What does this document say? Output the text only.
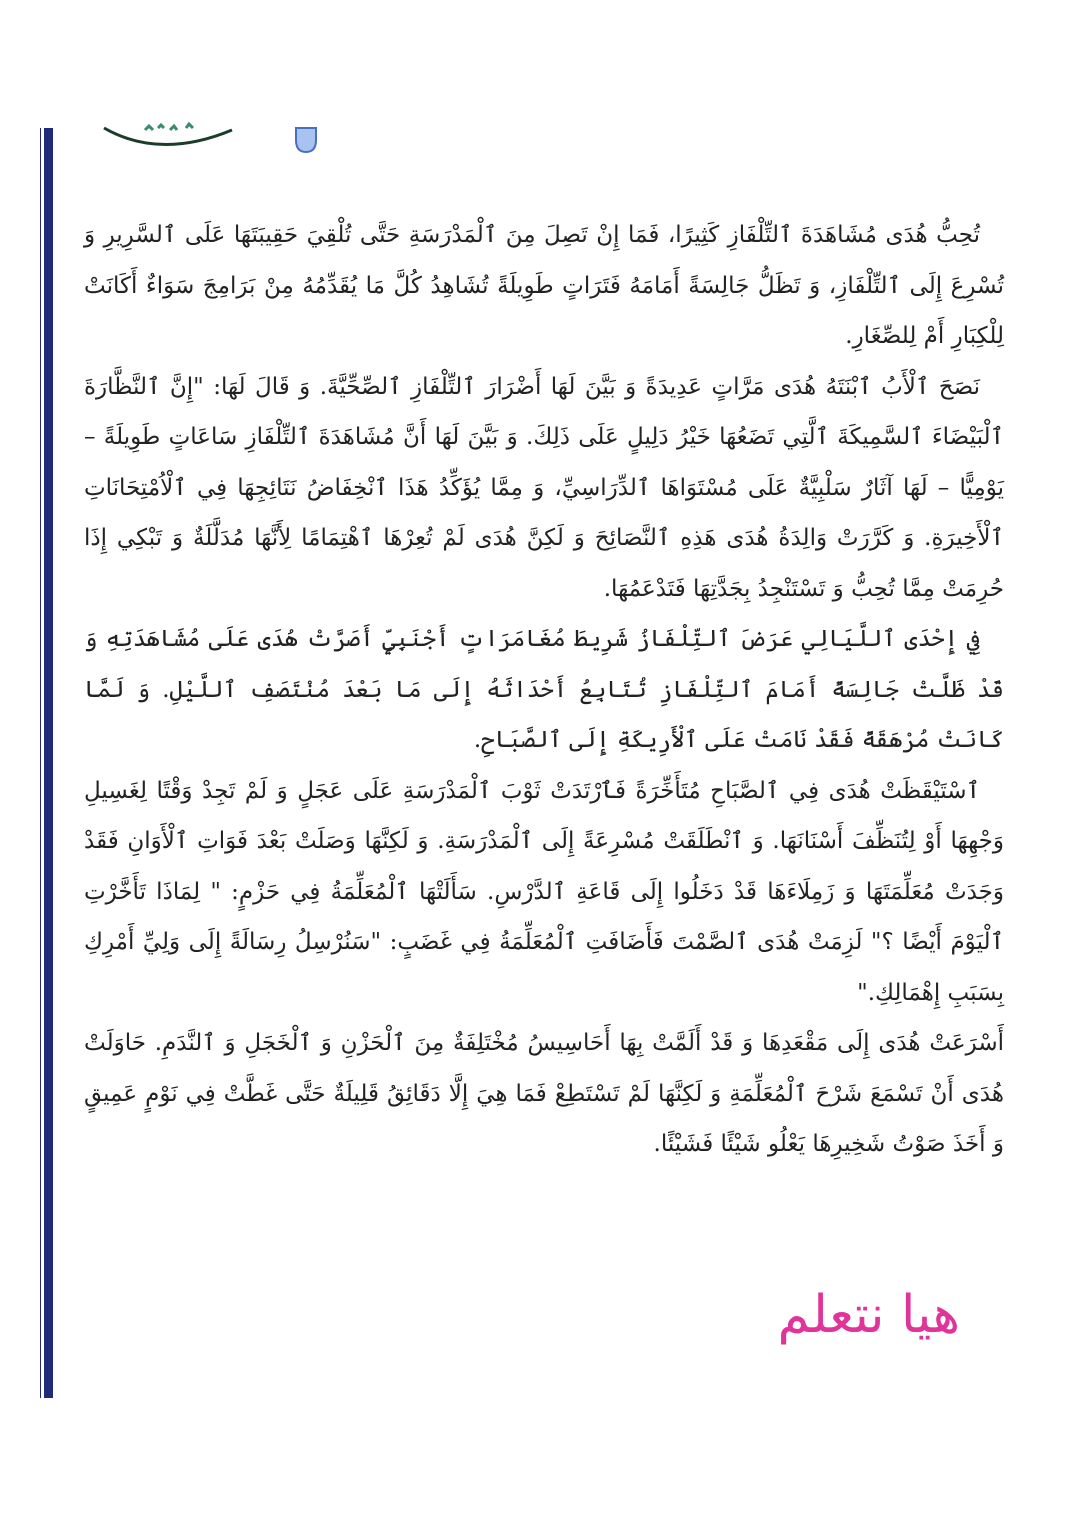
تُحِبُّ هُدَى مُشَاهَدَةَ ٱلتِّلْفَازِ كَثِيرًا، فَمَا إِنْ تَصِلَ مِنَ ٱلْمَدْرَسَةِ حَتَّى تُلْقِيَ حَقِيبَتَهَا عَلَى ٱلسَّرِيرِ وَ تُسْرِعَ إِلَى ٱلتِّلْفَازِ، وَ تَظَلُّ جَالِسَةً أَمَامَهُ فَتَرَاتٍ طَوِيلَةً تُشَاهِدُ كُلَّ مَا يُقَدِّمُهُ مِنْ بَرَامِجَ سَوَاءٌ أَكَانَتْ لِلْكِبَارِ أَمْ لِلصِّغَارِ.

نَصَحَ ٱلْأَبُ ٱبْنَتَهُ هُدَى مَرَّاتٍ عَدِيدَةً وَ بَيَّنَ لَهَا أَضْرَارَ ٱلتِّلْفَازِ ٱلصِّحِّيَّةَ. وَ قَالَ لَهَا: "إِنَّ ٱلنَّظَّارَةَ ٱلْبَيْضَاءَ ٱلسَّمِيكَةَ ٱلَّتِي تَضَعُهَا خَيْرُ دَلِيلٍ عَلَى ذَلِكَ. وَ بَيَّنَ لَهَا أَنَّ مُشَاهَدَةَ ٱلتِّلْفَازِ سَاعَاتٍ طَوِيلَةً – يَوْمِيًّا – لَهَا آثَارٌ سَلْبِيَّةٌ عَلَى مُسْتَوَاهَا ٱلدِّرَاسِيِّ، وَ مِمَّا يُؤَكِّدُ هَذَا ٱنْخِفَاضُ نَتَائِجِهَا فِي ٱلْاُمْتِحَانَاتِ ٱلْأَخِيرَةِ. وَ كَرَّرَتْ وَالِدَةُ هُدَى هَذِهِ ٱلنَّصَائِحَ وَ لَكِنَّ هُدَى لَمْ تُعِرْهَا ٱهْتِمَامًا لِأَنَّهَا مُدَلَّلَةٌ وَ تَبْكِي إِذَا حُرِمَتْ مِمَّا تُحِبُّ وَ تَسْتَنْجِدُ بِجَدَّتِهَا فَتَدْعَمُهَا.

فِي إِحْدَى ٱللَّيَالِي عَرَضَ ٱلتِّلْفَازُ شَرِيطَ مُغَامَرَاتٍ أَجْنَبِيٍّ أَصَرَّتْ هُدَى عَلَى مُشَاهَدَتِهِ وَ قَدْ ظَلَّتْ جَالِسَةً أَمَامَ ٱلتِّلْفَازِ تُتَابِعُ أَحْدَاثَهُ إِلَى مَا بَعْدَ مُنْتَصَفِ ٱللَّيْلِ. وَ لَمَّا كَانَتْ مُرْهَقَةً فَقَدْ نَامَتْ عَلَى ٱلْأَرِيكَةِ إِلَى ٱلصَّبَاحِ.

ٱسْتَيْقَظَتْ هُدَى فِي ٱلصَّبَاحِ مُتَأَخِّرَةً فَٱرْتَدَتْ ثَوْبَ ٱلْمَدْرَسَةِ عَلَى عَجَلٍ وَ لَمْ تَجِدْ وَقْتًا لِغَسِيلِ وَجْهِهَا أَوْ لِتُنَظِّفَ أَسْنَانَهَا. وَ ٱنْطَلَقَتْ مُسْرِعَةً إِلَى ٱلْمَدْرَسَةِ. وَ لَكِنَّهَا وَصَلَتْ بَعْدَ فَوَاتِ ٱلْأَوَانِ فَقَدْ وَجَدَتْ مُعَلِّمَتَهَا وَ زَمِلَاءَهَا قَدْ دَخَلُوا إِلَى قَاعَةِ ٱلدَّرْسِ. سَأَلَتْهَا ٱلْمُعَلِّمَةُ فِي حَزْمٍ: " لِمَاذَا تَأَخَّرْتِ ٱلْيَوْمَ أَيْضًا ؟" لَزِمَتْ هُدَى ٱلصَّمْتَ فَأَضَافَتِ ٱلْمُعَلِّمَةُ فِي غَضَبٍ: "سَنُرْسِلُ رِسَالَةً إِلَى وَلِيِّ أَمْرِكِ بِسَبَبِ إِهْمَالِكِ."

أَسْرَعَتْ هُدَى إِلَى مَقْعَدِهَا وَ قَدْ أَلَمَّتْ بِهَا أَحَاسِيسُ مُخْتَلِفَةٌ مِنَ ٱلْحَزْنِ وَ ٱلْخَجَلِ وَ ٱلنَّدَمِ. حَاوَلَتْ هُدَى أَنْ تَسْمَعَ شَرْحَ ٱلْمُعَلِّمَةِ وَ لَكِنَّهَا لَمْ تَسْتَطِعْ فَمَا هِيَ إِلَّا دَقَائِقُ قَلِيلَةٌ حَتَّى غَطَّتْ فِي نَوْمٍ عَمِيقٍ وَ أَخَذَ صَوْتُ شَخِيرِهَا يَعْلُو شَيْئًا فَشَيْئًا.

هيا نتعلم
